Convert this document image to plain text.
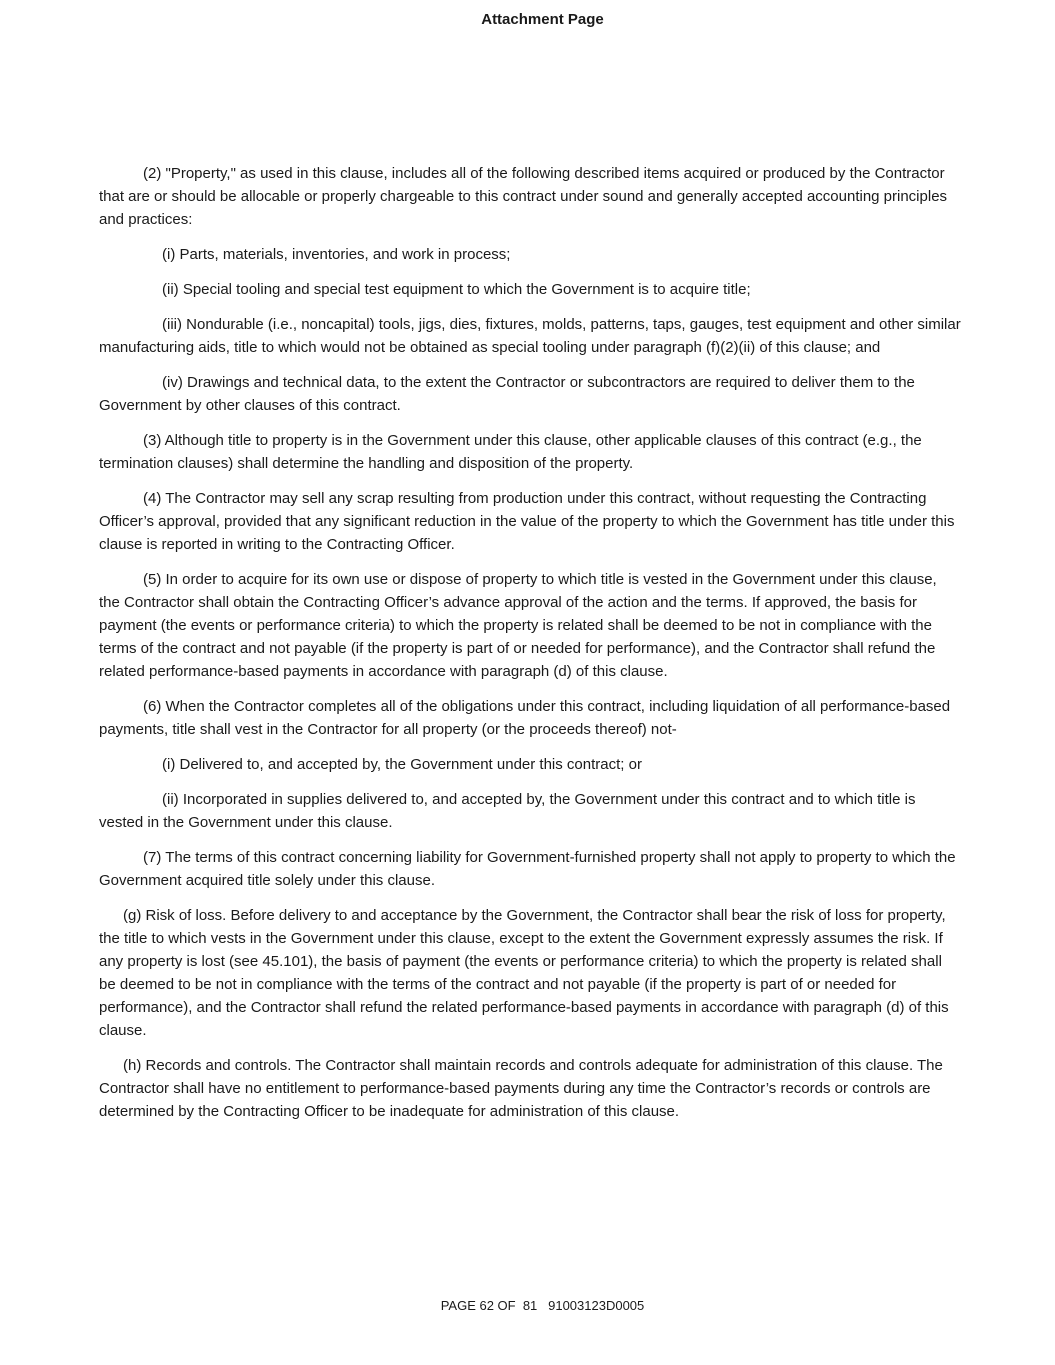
Attachment Page

(2) "Property," as used in this clause, includes all of the following described items acquired or produced by the Contractor that are or should be allocable or properly chargeable to this contract under sound and generally accepted accounting principles and practices:

(i) Parts, materials, inventories, and work in process;

(ii) Special tooling and special test equipment to which the Government is to acquire title;

(iii) Nondurable (i.e., noncapital) tools, jigs, dies, fixtures, molds, patterns, taps, gauges, test equipment and other similar manufacturing aids, title to which would not be obtained as special tooling under paragraph (f)(2)(ii) of this clause; and

(iv) Drawings and technical data, to the extent the Contractor or subcontractors are required to deliver them to the Government by other clauses of this contract.

(3) Although title to property is in the Government under this clause, other applicable clauses of this contract (e.g., the termination clauses) shall determine the handling and disposition of the property.

(4) The Contractor may sell any scrap resulting from production under this contract, without requesting the Contracting Officer’s approval, provided that any significant reduction in the value of the property to which the Government has title under this clause is reported in writing to the Contracting Officer.

(5) In order to acquire for its own use or dispose of property to which title is vested in the Government under this clause, the Contractor shall obtain the Contracting Officer’s advance approval of the action and the terms. If approved, the basis for payment (the events or performance criteria) to which the property is related shall be deemed to be not in compliance with the terms of the contract and not payable (if the property is part of or needed for performance), and the Contractor shall refund the related performance-based payments in accordance with paragraph (d) of this clause.

(6) When the Contractor completes all of the obligations under this contract, including liquidation of all performance-based payments, title shall vest in the Contractor for all property (or the proceeds thereof) not-

(i) Delivered to, and accepted by, the Government under this contract; or

(ii) Incorporated in supplies delivered to, and accepted by, the Government under this contract and to which title is vested in the Government under this clause.

(7) The terms of this contract concerning liability for Government-furnished property shall not apply to property to which the Government acquired title solely under this clause.

(g) Risk of loss. Before delivery to and acceptance by the Government, the Contractor shall bear the risk of loss for property, the title to which vests in the Government under this clause, except to the extent the Government expressly assumes the risk. If any property is lost (see 45.101), the basis of payment (the events or performance criteria) to which the property is related shall be deemed to be not in compliance with the terms of the contract and not payable (if the property is part of or needed for performance), and the Contractor shall refund the related performance-based payments in accordance with paragraph (d) of this clause.

(h) Records and controls. The Contractor shall maintain records and controls adequate for administration of this clause. The Contractor shall have no entitlement to performance-based payments during any time the Contractor’s records or controls are determined by the Contracting Officer to be inadequate for administration of this clause.

PAGE 62 OF  81   91003123D0005
